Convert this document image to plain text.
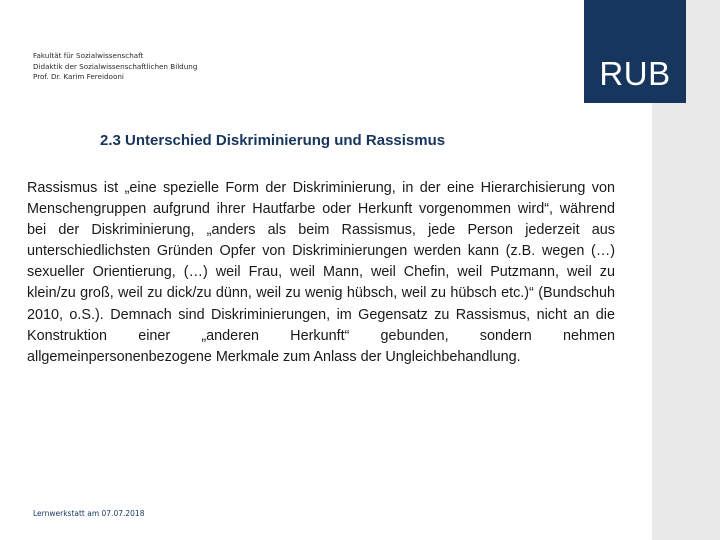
RUB
Fakultät für Sozialwissenschaft
Didaktik der Sozialwissenschaftlichen Bildung
Prof. Dr. Karim Fereidooni
2.3 Unterschied Diskriminierung und Rassismus

Rassismus ist „eine spezielle Form der Diskriminierung, in der eine Hierarchisierung von Menschengruppen aufgrund ihrer Hautfarbe oder Herkunft vorgenommen wird“, während bei der Diskriminierung, „anders als beim Rassismus, jede Person jederzeit aus unterschiedlichsten Gründen Opfer von Diskriminierungen werden kann (z.B. wegen (…) sexueller Orientierung, (…) weil Frau, weil Mann, weil Chefin, weil Putzmann, weil zu klein/zu groß, weil zu dick/zu dünn, weil zu wenig hübsch, weil zu hübsch etc.)“ (Bundschuh 2010, o.S.). Demnach sind Diskriminierungen, im Gegensatz zu Rassismus, nicht an die Konstruktion einer „anderen Herkunft“ gebunden, sondern nehmen allgemeinpersonenbezogene Merkmale zum Anlass der Ungleichbehandlung.

Lernwerkstatt am 07.07.2018
